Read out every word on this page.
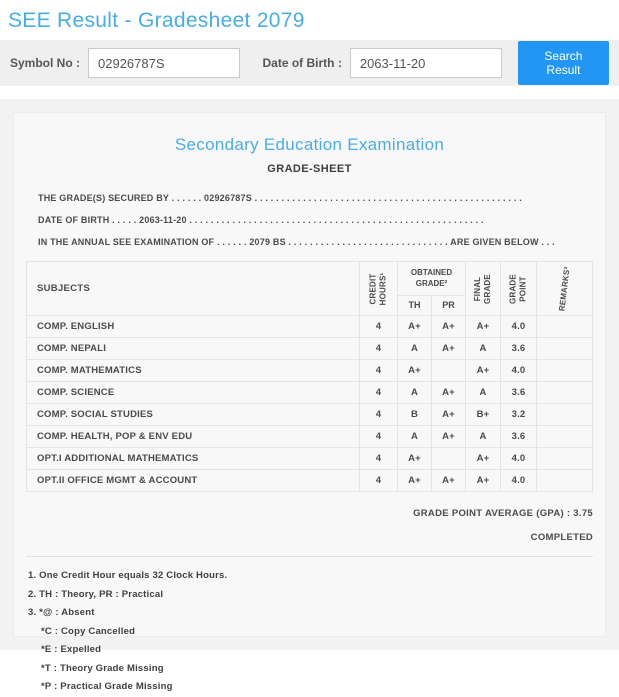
SEE Result - Gradesheet 2079
Symbol No :
02926787S	Date of Birth :
2063-11-20	Search Result
Secondary Education Examination
GRADE-SHEET
THE GRADE(S) SECURED BY . . . . . . 02926787S . . . . . . . . . . . . . . . . . . . . . . . . . . . . . . . . . . . . . . . . . . . . . . . . . .
DATE OF BIRTH . . . . . 2063-11-20 . . . . . . . . . . . . . . . . . . . . . . . . . . . . . . . . . . . . . . . . . . . . . . . . . . . . . . .
IN THE ANNUAL SEE EXAMINATION OF . . . . . . 2079 BS . . . . . . . . . . . . . . . . . . . . . . . . . . . . . . ARE GIVEN BELOW . . .
SUBJECTS	CREDIT HOURS¹	OBTAINED GRADE²		FINAL GRADE	GRADE POINT	REMARKS³

		TH	PR			
COMP. ENGLISH	4	A+	A+	A+	4.0	
COMP. NEPALI	4	A	A+	A	3.6	
COMP. MATHEMATICS	4	A+		A+	4.0	
COMP. SCIENCE	4	A	A+	A	3.6	
COMP. SOCIAL STUDIES	4	B	A+	B+	3.2	
COMP. HEALTH, POP & ENV EDU	4	A	A+	A	3.6	
OPT.I ADDITIONAL MATHEMATICS	4	A+		A+	4.0	
OPT.II OFFICE MGMT & ACCOUNT	4	A+	A+	A+	4.0	
GRADE POINT AVERAGE (GPA) : 3.75
COMPLETED
1. One Credit Hour equals 32 Clock Hours.
2. TH : Theory, PR : Practical
3. *@ : Absent
*C : Copy Cancelled
*E : Expelled
*T : Theory Grade Missing
*P : Practical Grade Missing
